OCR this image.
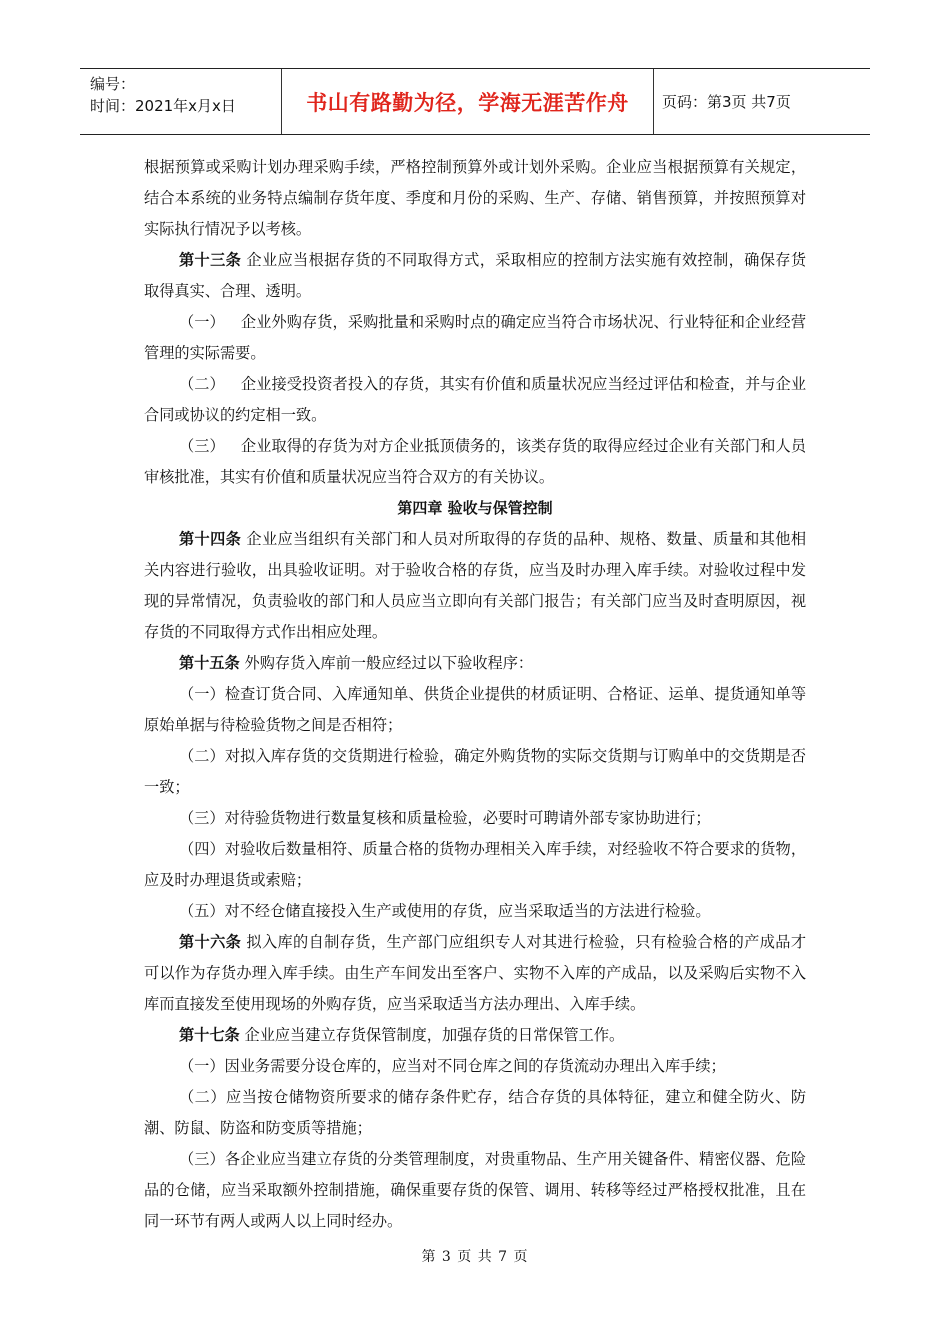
编号：
时间：2021年x月x日	书山有路勤为径，学海无涯苦作舟 页码：第3页 共7页

根据预算或采购计划办理采购手续，严格控制预算外或计划外采购。企业应当根据预算有关规定，结合本系统的业务特点编制存货年度、季度和月份的采购、生产、存储、销售预算，并按照预算对实际执行情况予以考核。

第十三条 企业应当根据存货的不同取得方式，采取相应的控制方法实施有效控制，确保存货取得真实、合理、透明。

（一） 企业外购存货，采购批量和采购时点的确定应当符合市场状况、行业特征和企业经营管理的实际需要。

（二） 企业接受投资者投入的存货，其实有价值和质量状况应当经过评估和检查，并与企业合同或协议的约定相一致。

（三） 企业取得的存货为对方企业抵顶债务的，该类存货的取得应经过企业有关部门和人员审核批准，其实有价值和质量状况应当符合双方的有关协议。

第四章 验收与保管控制

第十四条 企业应当组织有关部门和人员对所取得的存货的品种、规格、数量、质量和其他相关内容进行验收，出具验收证明。对于验收合格的存货，应当及时办理入库手续。对验收过程中发现的异常情况，负责验收的部门和人员应当立即向有关部门报告；有关部门应当及时查明原因，视存货的不同取得方式作出相应处理。

第十五条 外购存货入库前一般应经过以下验收程序：

（一）检查订货合同、入库通知单、供货企业提供的材质证明、合格证、运单、提货通知单等原始单据与待检验货物之间是否相符；

（二）对拟入库存货的交货期进行检验，确定外购货物的实际交货期与订购单中的交货期是否一致；

（三）对待验货物进行数量复核和质量检验，必要时可聘请外部专家协助进行；

（四）对验收后数量相符、质量合格的货物办理相关入库手续，对经验收不符合要求的货物，应及时办理退货或索赔；

（五）对不经仓储直接投入生产或使用的存货，应当采取适当的方法进行检验。

第十六条 拟入库的自制存货，生产部门应组织专人对其进行检验，只有检验合格的产成品才可以作为存货办理入库手续。由生产车间发出至客户、实物不入库的产成品，以及采购后实物不入库而直接发至使用现场的外购存货，应当采取适当方法办理出、入库手续。

第十七条 企业应当建立存货保管制度，加强存货的日常保管工作。

（一）因业务需要分设仓库的，应当对不同仓库之间的存货流动办理出入库手续；

（二）应当按仓储物资所要求的储存条件贮存，结合存货的具体特征，建立和健全防火、防潮、防鼠、防盗和防变质等措施；

（三）各企业应当建立存货的分类管理制度，对贵重物品、生产用关键备件、精密仪器、危险品的仓储，应当采取额外控制措施，确保重要存货的保管、调用、转移等经过严格授权批准，且在同一环节有两人或两人以上同时经办。

第 3 页 共 7 页
